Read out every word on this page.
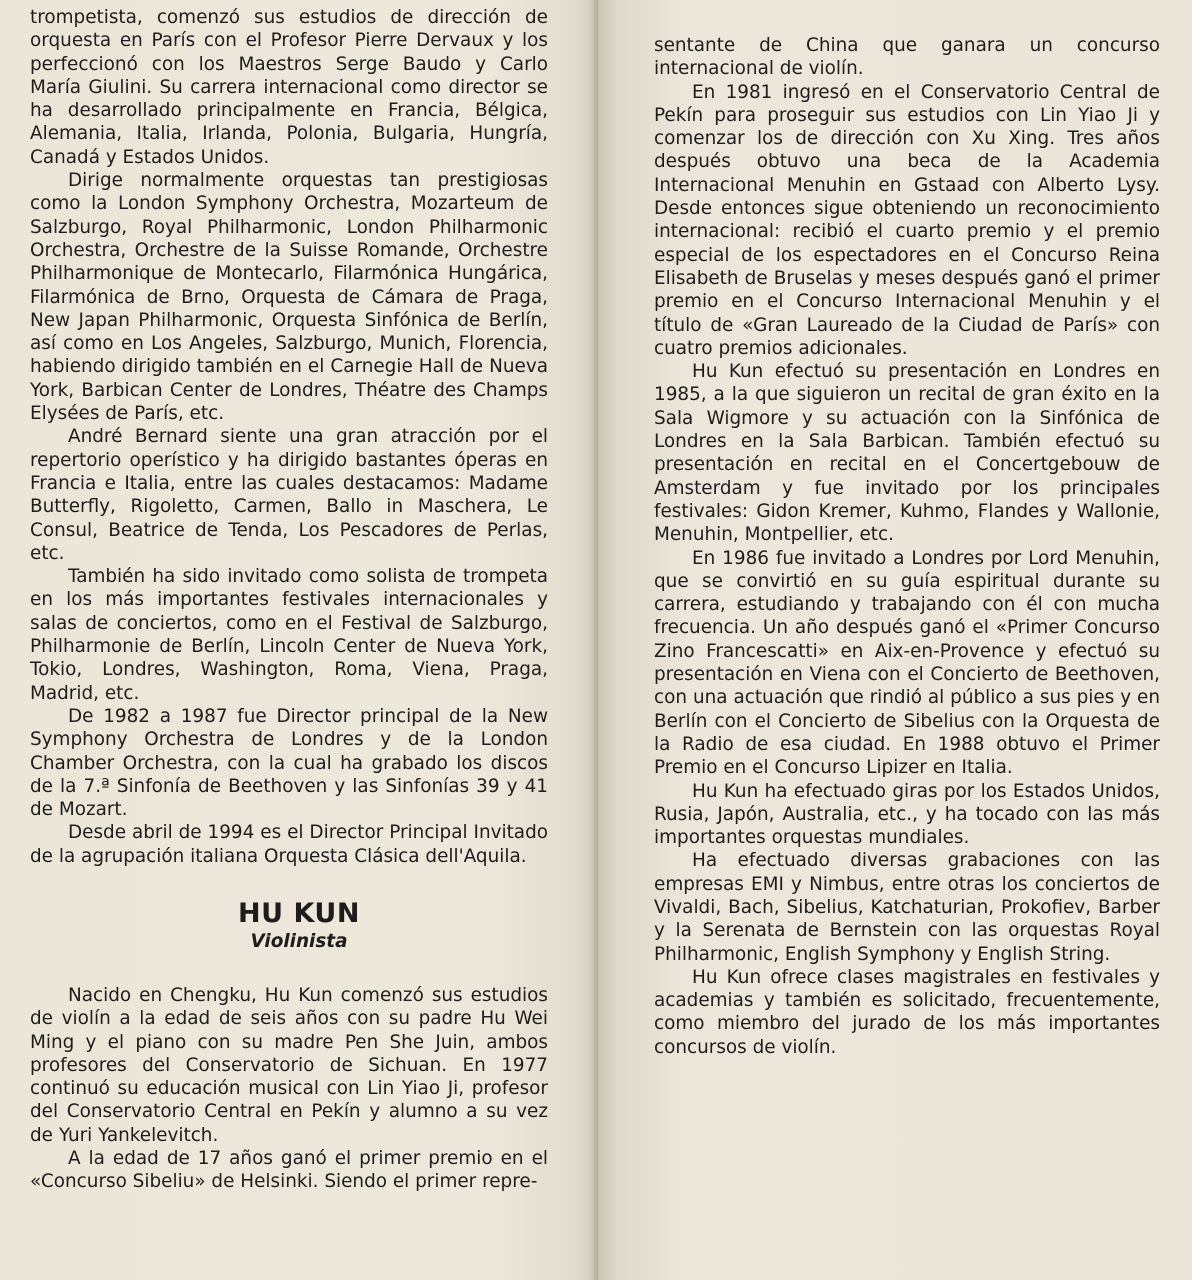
trompetista, comenzó sus estudios de dirección de orquesta en París con el Profesor Pierre Dervaux y los perfeccionó con los Maestros Serge Baudo y Carlo María Giulini. Su carrera internacional como director se ha desarrollado principalmente en Francia, Bélgica, Alemania, Italia, Irlanda, Polonia, Bulgaria, Hungría, Canadá y Estados Unidos.

Dirige normalmente orquestas tan prestigiosas como la London Symphony Orchestra, Mozarteum de Salzburgo, Royal Philharmonic, London Philharmonic Orchestra, Orchestre de la Suisse Romande, Orchestre Philharmonique de Montecarlo, Filarmónica Hungárica, Filarmónica de Brno, Orquesta de Cámara de Praga, New Japan Philharmonic, Orquesta Sinfónica de Berlín, así como en Los Angeles, Salzburgo, Munich, Florencia, habiendo dirigido también en el Carnegie Hall de Nueva York, Barbican Center de Londres, Théatre des Champs Elysées de París, etc.

André Bernard siente una gran atracción por el repertorio operístico y ha dirigido bastantes óperas en Francia e Italia, entre las cuales destacamos: Madame Butterfly, Rigoletto, Carmen, Ballo in Maschera, Le Consul, Beatrice de Tenda, Los Pescadores de Perlas, etc.

También ha sido invitado como solista de trompeta en los más importantes festivales internacionales y salas de conciertos, como en el Festival de Salzburgo, Philharmonie de Berlín, Lincoln Center de Nueva York, Tokio, Londres, Washington, Roma, Viena, Praga, Madrid, etc.

De 1982 a 1987 fue Director principal de la New Symphony Orchestra de Londres y de la London Chamber Orchestra, con la cual ha grabado los discos de la 7.ª Sinfonía de Beethoven y las Sinfonías 39 y 41 de Mozart.

Desde abril de 1994 es el Director Principal Invitado de la agrupación italiana Orquesta Clásica dell'Aquila.

HU KUN
Violinista

Nacido en Chengku, Hu Kun comenzó sus estudios de violín a la edad de seis años con su padre Hu Wei Ming y el piano con su madre Pen She Juin, ambos profesores del Conservatorio de Sichuan. En 1977 continuó su educación musical con Lin Yiao Ji, profesor del Conservatorio Central en Pekín y alumno a su vez de Yuri Yankelevitch.

A la edad de 17 años ganó el primer premio en el «Concurso Sibeliu» de Helsinki. Siendo el primer repre-

sentante de China que ganara un concurso internacional de violín.

En 1981 ingresó en el Conservatorio Central de Pekín para proseguir sus estudios con Lin Yiao Ji y comenzar los de dirección con Xu Xing. Tres años después obtuvo una beca de la Academia Internacional Menuhin en Gstaad con Alberto Lysy. Desde entonces sigue obteniendo un reconocimiento internacional: recibió el cuarto premio y el premio especial de los espectadores en el Concurso Reina Elisabeth de Bruselas y meses después ganó el primer premio en el Concurso Internacional Menuhin y el título de «Gran Laureado de la Ciudad de París» con cuatro premios adicionales.

Hu Kun efectuó su presentación en Londres en 1985, a la que siguieron un recital de gran éxito en la Sala Wigmore y su actuación con la Sinfónica de Londres en la Sala Barbican. También efectuó su presentación en recital en el Concertgebouw de Amsterdam y fue invitado por los principales festivales: Gidon Kremer, Kuhmo, Flandes y Wallonie, Menuhin, Montpellier, etc.

En 1986 fue invitado a Londres por Lord Menuhin, que se convirtió en su guía espiritual durante su carrera, estudiando y trabajando con él con mucha frecuencia. Un año después ganó el «Primer Concurso Zino Francescatti» en Aix-en-Provence y efectuó su presentación en Viena con el Concierto de Beethoven, con una actuación que rindió al público a sus pies y en Berlín con el Concierto de Sibelius con la Orquesta de la Radio de esa ciudad. En 1988 obtuvo el Primer Premio en el Concurso Lipizer en Italia.

Hu Kun ha efectuado giras por los Estados Unidos, Rusia, Japón, Australia, etc., y ha tocado con las más importantes orquestas mundiales.

Ha efectuado diversas grabaciones con las empresas EMI y Nimbus, entre otras los conciertos de Vivaldi, Bach, Sibelius, Katchaturian, Prokofiev, Barber y la Serenata de Bernstein con las orquestas Royal Philharmonic, English Symphony y English String.

Hu Kun ofrece clases magistrales en festivales y academias y también es solicitado, frecuentemente, como miembro del jurado de los más importantes concursos de violín.
